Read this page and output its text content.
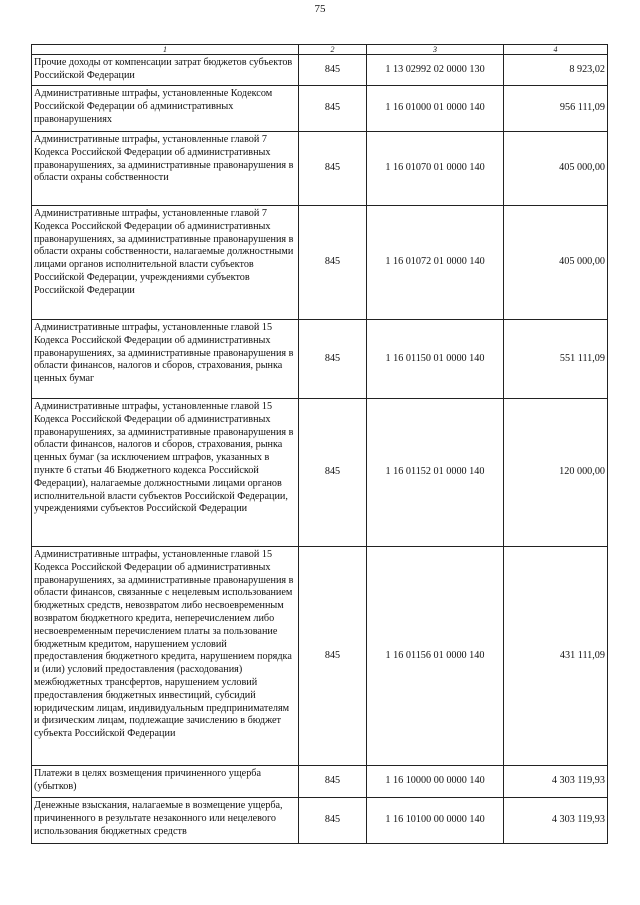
75
1	2	3	4
Прочие доходы от компенсации затрат бюджетов субъектов Российской Федерации	845	1 13 02992 02 0000 130	8 923,02
Административные штрафы, установленные Кодексом Российской Федерации об административных правонарушениях	845	1 16 01000 01 0000 140	956 111,09
Административные штрафы, установленные главой 7 Кодекса Российской Федерации об административных правонарушениях, за административные правонарушения в области охраны собственности	845	1 16 01070 01 0000 140	405 000,00
Административные штрафы, установленные главой 7 Кодекса Российской Федерации об административных правонарушениях, за административные правонарушения в области охраны собственности, налагаемые должностными лицами органов исполнительной власти субъектов Российской Федерации, учреждениями субъектов Российской Федерации	845	1 16 01072 01 0000 140	405 000,00
Административные штрафы, установленные главой 15 Кодекса Российской Федерации об административных правонарушениях, за административные правонарушения в области финансов, налогов и сборов, страхования, рынка ценных бумаг	845	1 16 01150 01 0000 140	551 111,09
Административные штрафы, установленные главой 15 Кодекса Российской Федерации об административных правонарушениях, за административные правонарушения в области финансов, налогов и сборов, страхования, рынка ценных бумаг (за исключением штрафов, указанных в пункте 6 статьи 46 Бюджетного кодекса Российской Федерации), налагаемые должностными лицами органов исполнительной власти субъектов Российской Федерации, учреждениями субъектов Российской Федерации	845	1 16 01152 01 0000 140	120 000,00
Административные штрафы, установленные главой 15 Кодекса Российской Федерации об административных правонарушениях, за административные правонарушения в области финансов, связанные с нецелевым использованием бюджетных средств, невозвратом либо несвоевременным возвратом бюджетного кредита, неперечислением либо несвоевременным перечислением платы за пользование бюджетным кредитом, нарушением условий предоставления бюджетного кредита, нарушением порядка и (или) условий предоставления (расходования) межбюджетных трансфертов, нарушением условий предоставления бюджетных инвестиций, субсидий юридическим лицам, индивидуальным предпринимателям и физическим лицам, подлежащие зачислению в бюджет субъекта Российской Федерации	845	1 16 01156 01 0000 140	431 111,09
Платежи в целях возмещения причиненного ущерба (убытков)	845	1 16 10000 00 0000 140	4 303 119,93
Денежные взыскания, налагаемые в возмещение ущерба, причиненного в результате незаконного или нецелевого использования бюджетных средств	845	1 16 10100 00 0000 140	4 303 119,93
